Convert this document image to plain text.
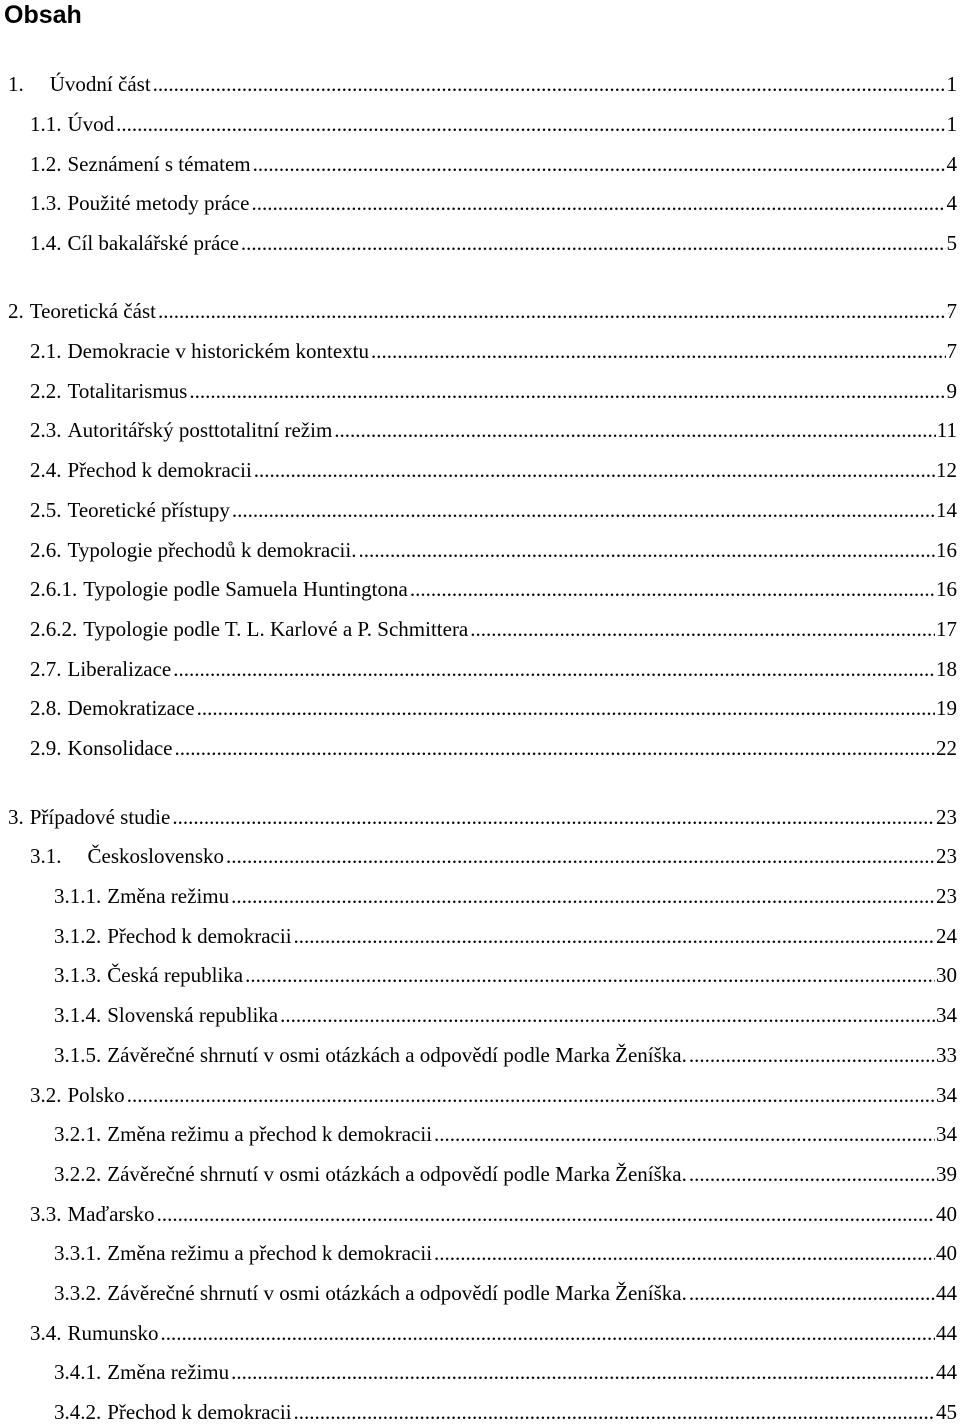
Obsah
1. Úvodní část .....	1
1.1. Úvod .....	1
1.2. Seznámení s tématem .....	4
1.3. Použité metody práce .....	4
1.4. Cíl bakalářské práce .....	5
2. Teoretická část .....	7
2.1. Demokracie v historickém kontextu .....	7
2.2. Totalitarismus .....	9
2.3. Autoritářský posttotalitní režim .....	11
2.4. Přechod k demokracii .....	12
2.5. Teoretické přístupy .....	14
2.6. Typologie přechodů k demokracii. .....	16
2.6.1. Typologie podle Samuela Huntingtona .....	16
2.6.2. Typologie podle T. L. Karlové a P. Schmittera .....	17
2.7. Liberalizace .....	18
2.8. Demokratizace .....	19
2.9. Konsolidace .....	22
3. Případové studie .....	23
3.1. Československo .....	23
3.1.1. Změna režimu .....	23
3.1.2. Přechod k demokracii .....	24
3.1.3. Česká republika .....	30
3.1.4. Slovenská republika .....	34
3.1.5. Závěrečné shrnutí v osmi otázkách a odpovědí podle Marka Ženíška. .....	33
3.2. Polsko .....	34
3.2.1. Změna režimu a přechod k demokracii .....	34
3.2.2. Závěrečné shrnutí v osmi otázkách a odpovědí podle Marka Ženíška. .....	39
3.3. Maďarsko .....	40
3.3.1. Změna režimu a přechod k demokracii .....	40
3.3.2. Závěrečné shrnutí v osmi otázkách a odpovědí podle Marka Ženíška. .....	44
3.4. Rumunsko .....	44
3.4.1. Změna režimu .....	44
3.4.2. Přechod k demokracii .....	45
